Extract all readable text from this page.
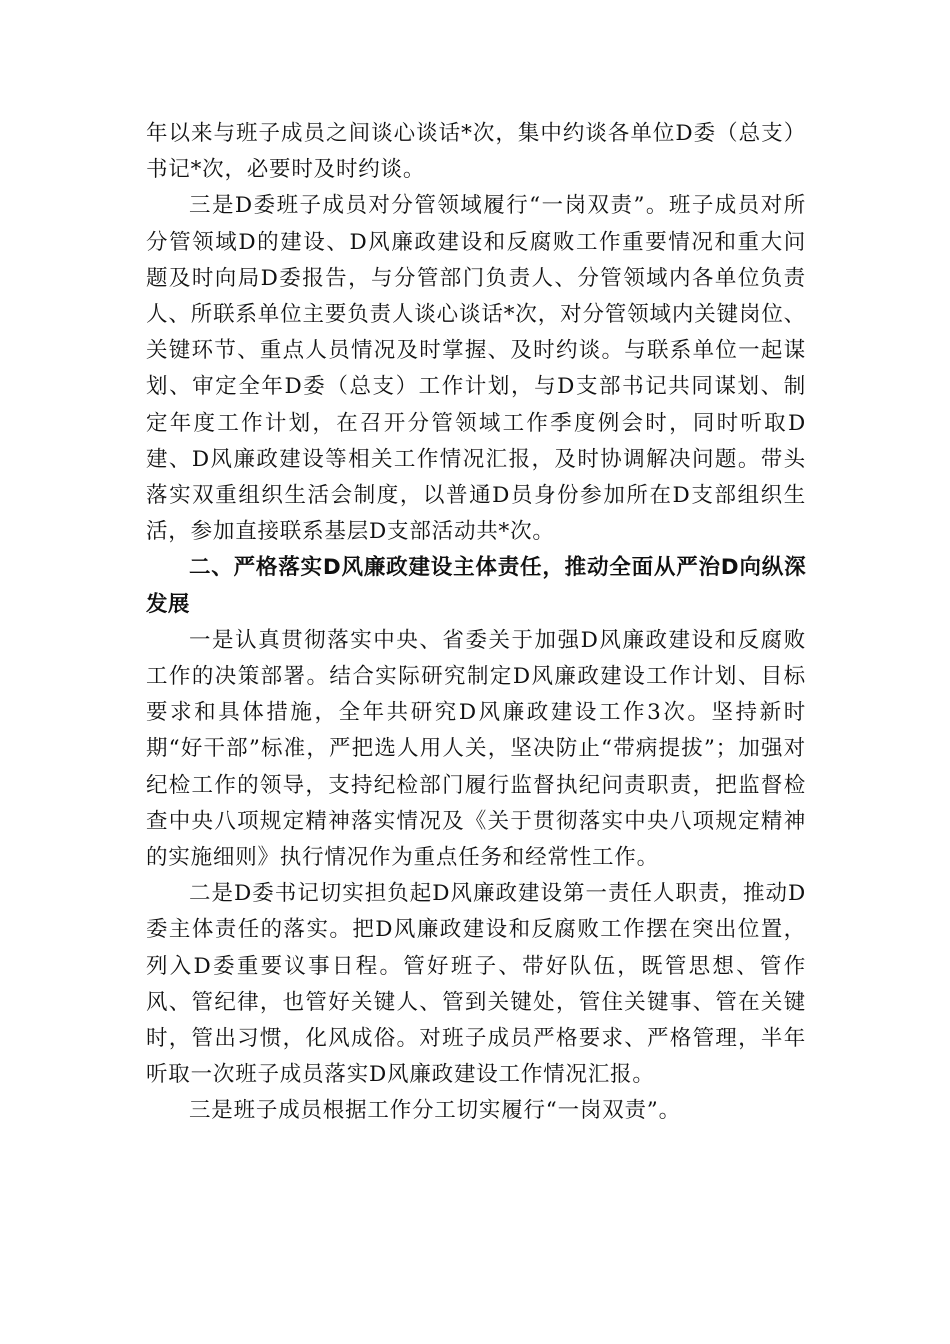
年以来与班子成员之间谈心谈话*次，集中约谈各单位D委（总支）书记*次，必要时及时约谈。

三是D委班子成员对分管领域履行“一岗双责”。班子成员对所分管领域D的建设、D风廉政建设和反腐败工作重要情况和重大问题及时向局D委报告，与分管部门负责人、分管领域内各单位负责人、所联系单位主要负责人谈心谈话*次，对分管领域内关键岗位、关键环节、重点人员情况及时掌握、及时约谈。与联系单位一起谋划、审定全年D委（总支）工作计划，与D支部书记共同谋划、制定年度工作计划，在召开分管领域工作季度例会时，同时听取D建、D风廉政建设等相关工作情况汇报，及时协调解决问题。带头落实双重组织生活会制度，以普通D员身份参加所在D支部组织生活，参加直接联系基层D支部活动共*次。

二、严格落实D风廉政建设主体责任，推动全面从严治D向纵深发展

一是认真贯彻落实中央、省委关于加强D风廉政建设和反腐败工作的决策部署。结合实际研究制定D风廉政建设工作计划、目标要求和具体措施，全年共研究D风廉政建设工作3次。坚持新时期“好干部”标准，严把选人用人关，坚决防止“带病提拔”；加强对纪检工作的领导，支持纪检部门履行监督执纪问责职责，把监督检查中央八项规定精神落实情况及《关于贯彻落实中央八项规定精神的实施细则》执行情况作为重点任务和经常性工作。

二是D委书记切实担负起D风廉政建设第一责任人职责，推动D委主体责任的落实。把D风廉政建设和反腐败工作摆在突出位置，列入D委重要议事日程。管好班子、带好队伍，既管思想、管作风、管纪律，也管好关键人、管到关键处，管住关键事、管在关键时，管出习惯，化风成俗。对班子成员严格要求、严格管理，半年听取一次班子成员落实D风廉政建设工作情况汇报。

三是班子成员根据工作分工切实履行“一岗双责”。
